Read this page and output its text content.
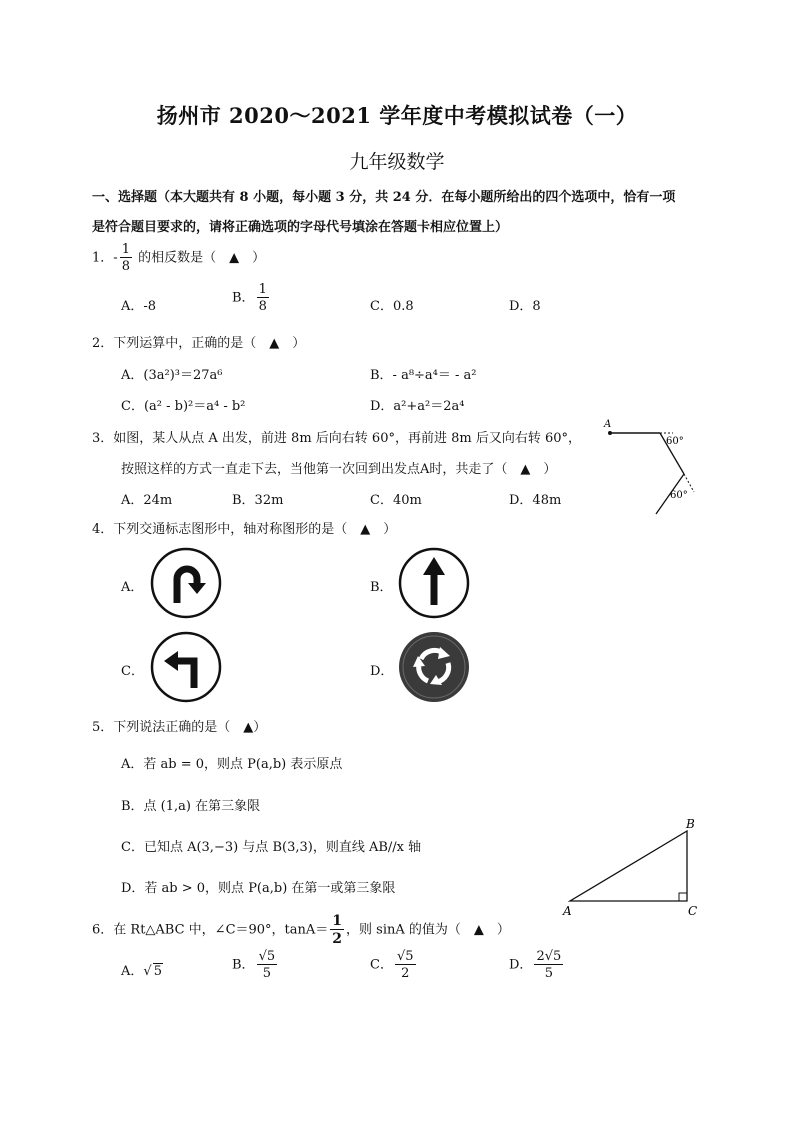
扬州市 2020～2021 学年度中考模拟试卷（一）
九年级数学
一、选择题（本大题共有 8 小题，每小题 3 分，共 24 分．在每小题所给出的四个选项中，恰有一项
是符合题目要求的，请将正确选项的字母代号填涂在答题卡相应位置上）
1．- $\frac{1}{8}$ 的相反数是（　▲　）
A．-8
B． $\frac{1}{8}$	C．0.8	D．8
2．下列运算中，正确的是（　▲　）
A．(3a²)³＝27a⁶	B．- a⁸÷a⁴＝ - a²
C．(a² - b)²＝a⁴ - b²	D．a²+a²＝2a⁴
3．如图，某人从点 A 出发，前进 8m 后向右转 60°，再前进 8m 后又向右转 60°，
按照这样的方式一直走下去，当他第一次回到出发点A时，共走了（　▲　）
A．24m	B．32m	C．40m	D．48m
A
60°
60°
4．下列交通标志图形中，轴对称图形的是（　▲　）
A．	B．
C．	D．
5．下列说法正确的是（　▲）
A．若 ab = 0，则点 P(a,b) 表示原点
B．点 (1,a) 在第三象限
C．已知点 A(3,−3) 与点 B(3,3)，则直线 AB//x 轴
D．若 ab > 0，则点 P(a,b) 在第一或第三象限
A
B
C
6．在 Rt△ABC 中，∠C＝90°，$\tan A= \frac{1}{2}$ ，则 sinA 的值为（　▲　）
A．√ 5	B． $\frac{√5}{5}$	C． $\frac{√5}{2}$	D． $\frac{2√5}{5}$
